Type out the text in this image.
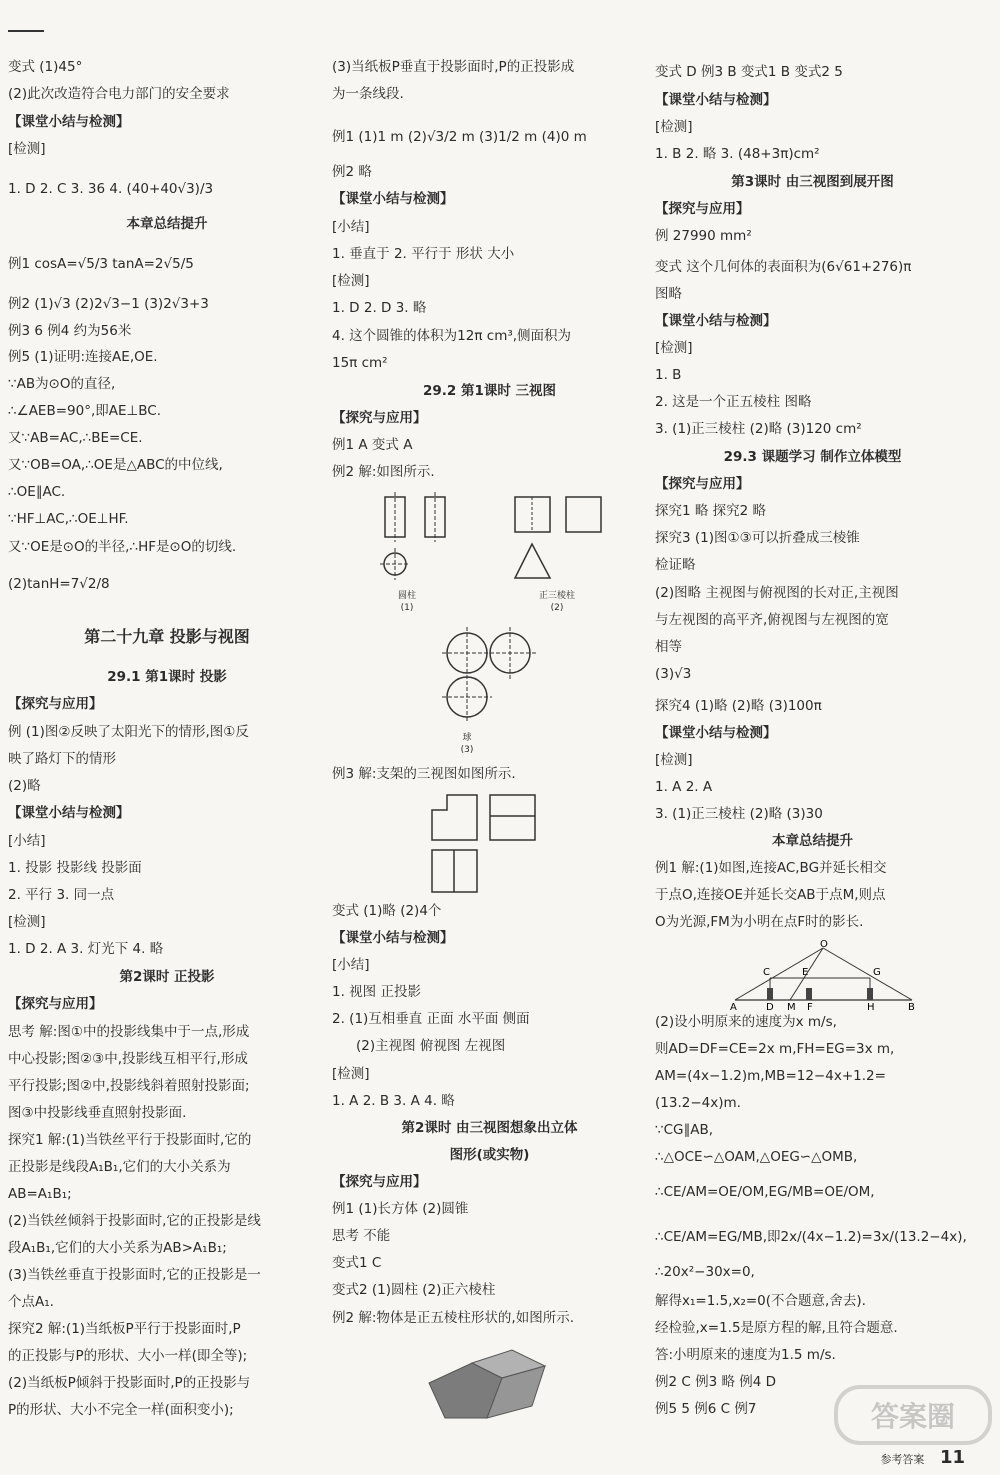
变式 (1)45°
(2)此次改造符合电力部门的安全要求
【课堂小结与检测】
[检测]
1. D 2. C 3. 36 4. (40+40√3)/3
本章总结提升
例1 cosA=√5/3 tanA=2√5/5
例2 (1)√3 (2)2√3−1 (3)2√3+3
例3 6 例4 约为56米
例5 (1)证明:连接AE,OE.
∵AB为⊙O的直径,
∴∠AEB=90°,即AE⊥BC.
又∵AB=AC,∴BE=CE.
又∵OB=OA,∴OE是△ABC的中位线,
∴OE∥AC.
∵HF⊥AC,∴OE⊥HF.
又∵OE是⊙O的半径,∴HF是⊙O的切线.
(2)tanH=7√2/8
第二十九章 投影与视图
29.1 第1课时 投影
【探究与应用】
例 (1)图②反映了太阳光下的情形,图①反
映了路灯下的情形
(2)略
【课堂小结与检测】
[小结]
1. 投影 投影线 投影面
2. 平行 3. 同一点
[检测]
1. D 2. A 3. 灯光下 4. 略
第2课时 正投影
【探究与应用】
思考 解:图①中的投影线集中于一点,形成
中心投影;图②③中,投影线互相平行,形成
平行投影;图②中,投影线斜着照射投影面;
图③中投影线垂直照射投影面.
探究1 解:(1)当铁丝平行于投影面时,它的
正投影是线段A₁B₁,它们的大小关系为
AB=A₁B₁;
(2)当铁丝倾斜于投影面时,它的正投影是线
段A₁B₁,它们的大小关系为AB>A₁B₁;
(3)当铁丝垂直于投影面时,它的正投影是一
个点A₁.
探究2 解:(1)当纸板P平行于投影面时,P
的正投影与P的形状、大小一样(即全等);
(2)当纸板P倾斜于投影面时,P的正投影与
P的形状、大小不完全一样(面积变小);
(3)当纸板P垂直于投影面时,P的正投影成
为一条线段.
例1 (1)1 m (2)√3/2 m (3)1/2 m (4)0 m
例2 略
【课堂小结与检测】
[小结]
1. 垂直于 2. 平行于 形状 大小
[检测]
1. D 2. D 3. 略
4. 这个圆锥的体积为12π cm³,侧面积为
15π cm²
29.2 第1课时 三视图
【探究与应用】
例1 A 变式 A
例2 解:如图所示.
圆柱
(1)
正三棱柱
(2)
球
(3)
例3 解:支架的三视图如图所示.
变式 (1)略 (2)4个
【课堂小结与检测】
[小结]
1. 视图 正投影
2. (1)互相垂直 正面 水平面 侧面
(2)主视图 俯视图 左视图
[检测]
1. A 2. B 3. A 4. 略
第2课时 由三视图想象出立体
图形(或实物)
【探究与应用】
例1 (1)长方体 (2)圆锥
思考 不能
变式1 C
变式2 (1)圆柱 (2)正六棱柱
例2 解:物体是正五棱柱形状的,如图所示.
变式 D 例3 B 变式1 B 变式2 5
【课堂小结与检测】
[检测]
1. B 2. 略 3. (48+3π)cm²
第3课时 由三视图到展开图
【探究与应用】
例 27990 mm²
变式 这个几何体的表面积为(6√61+276)π
图略
【课堂小结与检测】
[检测]
1. B
2. 这是一个正五棱柱 图略
3. (1)正三棱柱 (2)略 (3)120 cm²
29.3 课题学习 制作立体模型
【探究与应用】
探究1 略 探究2 略
探究3 (1)图①③可以折叠成三棱锥
检证略
(2)图略 主视图与俯视图的长对正,主视图
与左视图的高平齐,俯视图与左视图的宽
相等
(3)√3
探究4 (1)略 (2)略 (3)100π
【课堂小结与检测】
[检测]
1. A 2. A
3. (1)正三棱柱 (2)略 (3)30
本章总结提升
例1 解:(1)如图,连接AC,BG并延长相交
于点O,连接OE并延长交AB于点M,则点
O为光源,FM为小明在点F时的影长.
O
C	E	G
A	D M F	H	B
(2)设小明原来的速度为x m/s,
则AD=DF=CE=2x m,FH=EG=3x m,
AM=(4x−1.2)m,MB=12−4x+1.2=
(13.2−4x)m.
∵CG∥AB,
∴△OCE∽△OAM,△OEG∽△OMB,
∴CE/AM=OE/OM,EG/MB=OE/OM,
∴CE/AM=EG/MB,即2x/(4x−1.2)=3x/(13.2−4x),
∴20x²−30x=0,
解得x₁=1.5,x₂=0(不合题意,舍去).
经检验,x=1.5是原方程的解,且符合题意.
答:小明原来的速度为1.5 m/s.
例2 C 例3 略 例4 D
例5 5 例6 C 例7	答案圈
参考答案 11
